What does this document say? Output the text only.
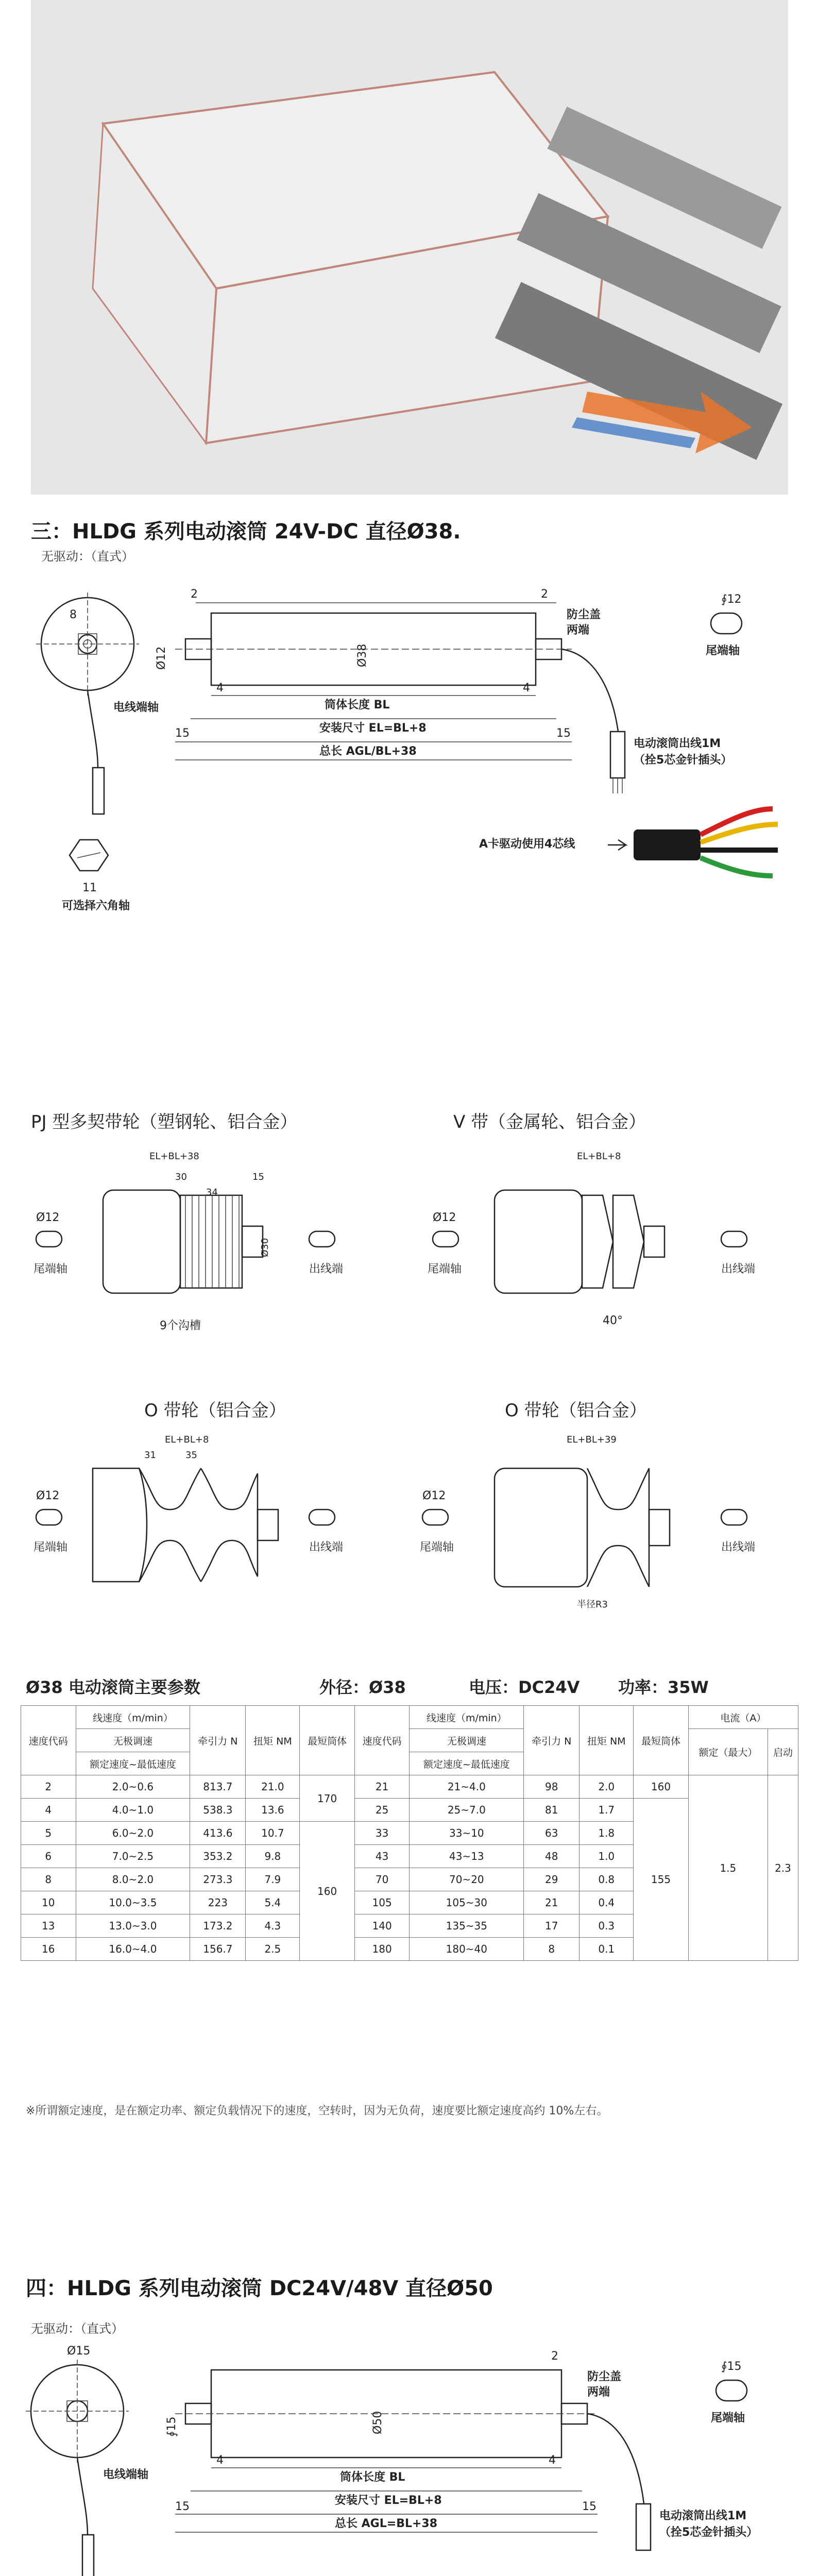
三：HLDG 系列电动滚筒 24V-DC 直径Ø38.
无驱动：（直式）
8
电线端轴
11
可选择六角轴
2	2
Ø12	Ø38
防尘盖
两端
电动滚筒出线1M
（拴5芯金针插头）
4	4
筒体长度 BL
安装尺寸 EL=BL+8
15	15
总长 AGL/BL+38
∮12
尾端轴
A卡驱动使用4芯线
PJ 型多契带轮（塑钢轮、铝合金）	V 带（金属轮、铝合金）
Ø12
尾端轴
EL+BL+38
30
34
15
Ø30
9个沟槽
出线端
Ø12
尾端轴
EL+BL+8
40°
出线端
O 带轮（铝合金）	O 带轮（铝合金）
Ø12
尾端轴
EL+BL+8
31	35
出线端
Ø12
尾端轴
EL+BL+39
半径R3
出线端
Ø38 电动滚筒主要参数	外径：Ø38	电压：DC24V 功率：35W
速度代码	线速度（m/min）	牵引力 N	扭矩 NM	最短筒体	速度代码	线速度（m/min）	牵引力 N	扭矩 NM	最短筒体	电流（A）	
	无极调速					无极调速				额定（最大）	启动
	额定速度~最低速度					额定速度~最低速度					
2	2.0~0.6	813.7	21.0	170	21	21~4.0	98	2.0	160	1.5	2.3
4	4.0~1.0	538.3	13.6		25	25~7.0	81	1.7	155		
5	6.0~2.0	413.6	10.7	160	33	33~10	63	1.8			
6	7.0~2.5	353.2	9.8		43	43~13	48	1.0			
8	8.0~2.0	273.3	7.9		70	70~20	29	0.8			
10	10.0~3.5	223	5.4		105	105~30	21	0.4			
13	13.0~3.0	173.2	4.3		140	135~35	17	0.3			
16	16.0~4.0	156.7	2.5		180	180~40	8	0.1			
※所谓额定速度，是在额定功率、额定负载情况下的速度，空转时，因为无负荷，速度要比额定速度高约 10%左右。
四：HLDG 系列电动滚筒 DC24V/48V 直径Ø50
无驱动：（直式）
Ø15
电线端轴
∮15	Ø50
2
防尘盖
两端
电动滚筒出线1M
（拴5芯金针插头）
4	4
筒体长度 BL
安装尺寸 EL=BL+8
15	15
总长 AGL=BL+38
∮15
尾端轴
